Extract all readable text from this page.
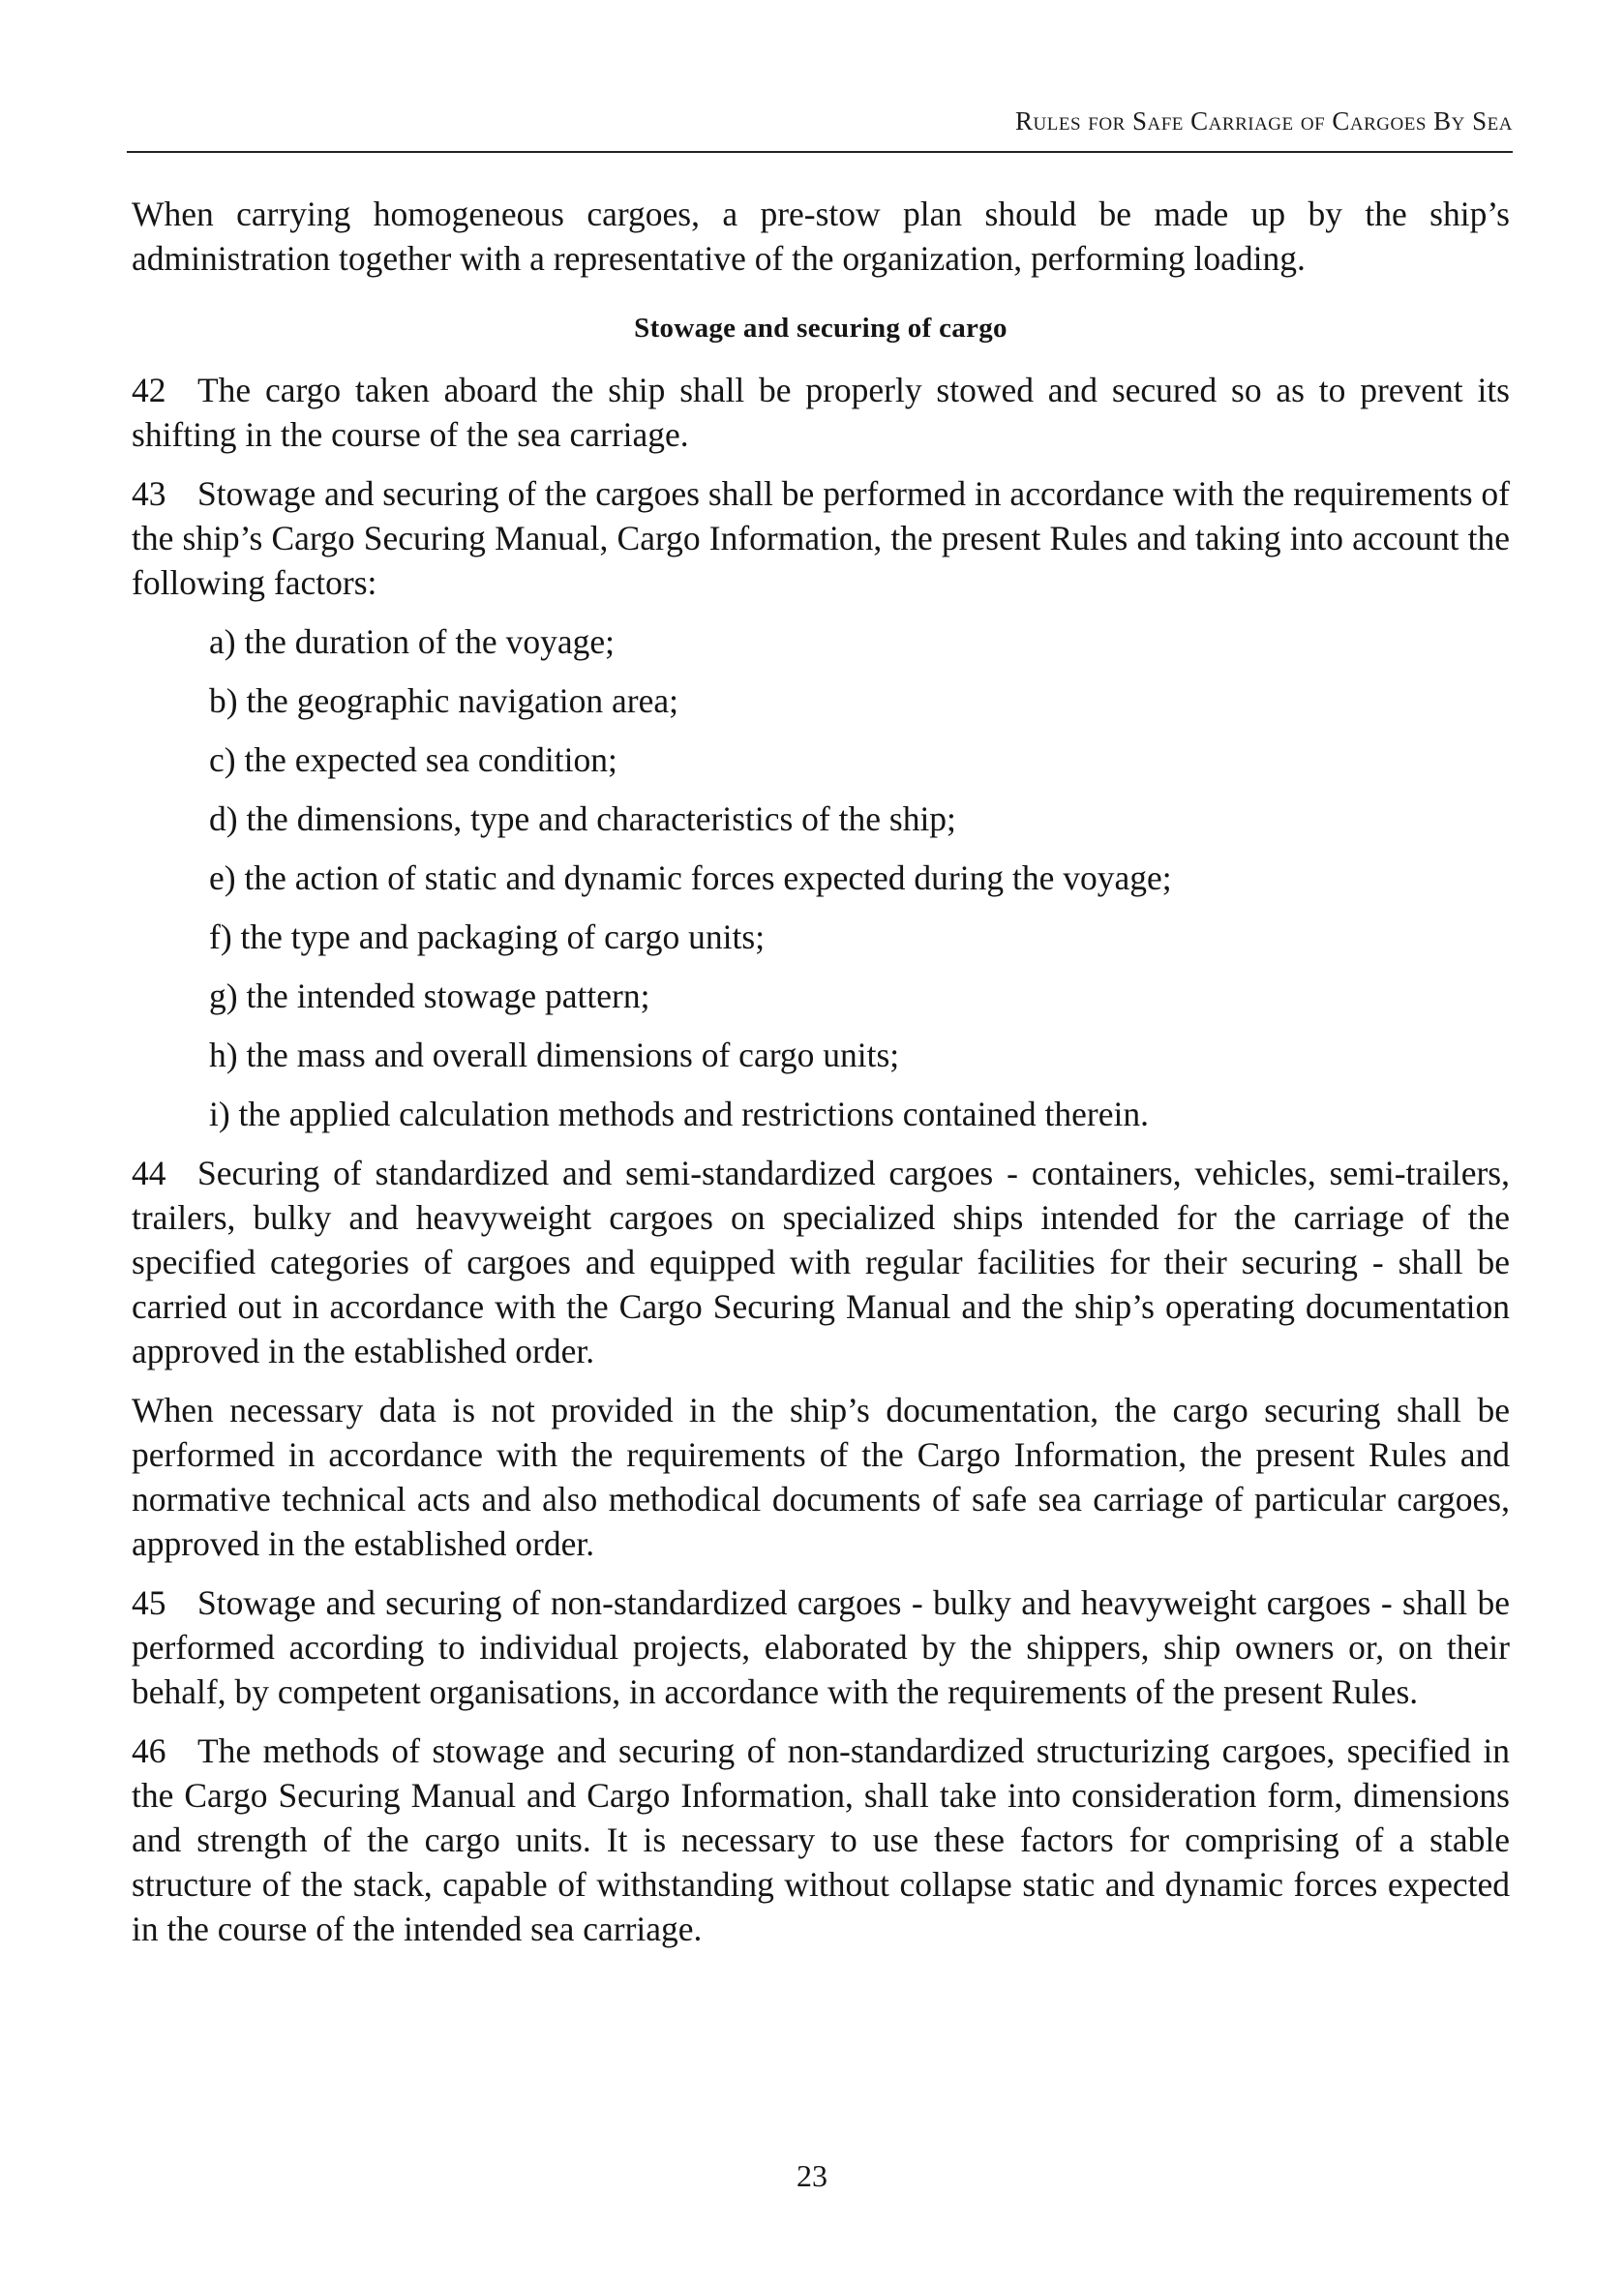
Rules for Safe Carriage of Cargoes By Sea

When carrying homogeneous cargoes, a pre-stow plan should be made up by the ship’s administration together with a representative of the organization, performing loading.

Stowage and securing of cargo

42 The cargo taken aboard the ship shall be properly stowed and secured so as to prevent its shifting in the course of the sea carriage.

43 Stowage and securing of the cargoes shall be performed in accordance with the requirements of the ship’s Cargo Securing Manual, Cargo Information, the present Rules and taking into account the following factors:

a) the duration of the voyage;
b) the geographic navigation area;
c) the expected sea condition;
d) the dimensions, type and characteristics of the ship;
e) the action of static and dynamic forces expected during the voyage;
f) the type and packaging of cargo units;
g) the intended stowage pattern;
h) the mass and overall dimensions of cargo units;
i) the applied calculation methods and restrictions contained therein.

44 Securing of standardized and semi-standardized cargoes - containers, vehicles, semi-trailers, trailers, bulky and heavyweight cargoes on specialized ships intended for the carriage of the specified categories of cargoes and equipped with regular facilities for their securing - shall be carried out in accordance with the Cargo Securing Manual and the ship’s operating documentation approved in the established order.

When necessary data is not provided in the ship’s documentation, the cargo securing shall be performed in accordance with the requirements of the Cargo Information, the present Rules and normative technical acts and also methodical documents of safe sea carriage of particular cargoes, approved in the established order.

45 Stowage and securing of non-standardized cargoes - bulky and heavyweight cargoes - shall be performed according to individual projects, elaborated by the shippers, ship owners or, on their behalf, by competent organisations, in accordance with the requirements of the present Rules.

46 The methods of stowage and securing of non-standardized structurizing cargoes, specified in the Cargo Securing Manual and Cargo Information, shall take into consideration form, dimensions and strength of the cargo units. It is necessary to use these factors for comprising of a stable structure of the stack, capable of withstanding without collapse static and dynamic forces expected in the course of the intended sea carriage.

23
